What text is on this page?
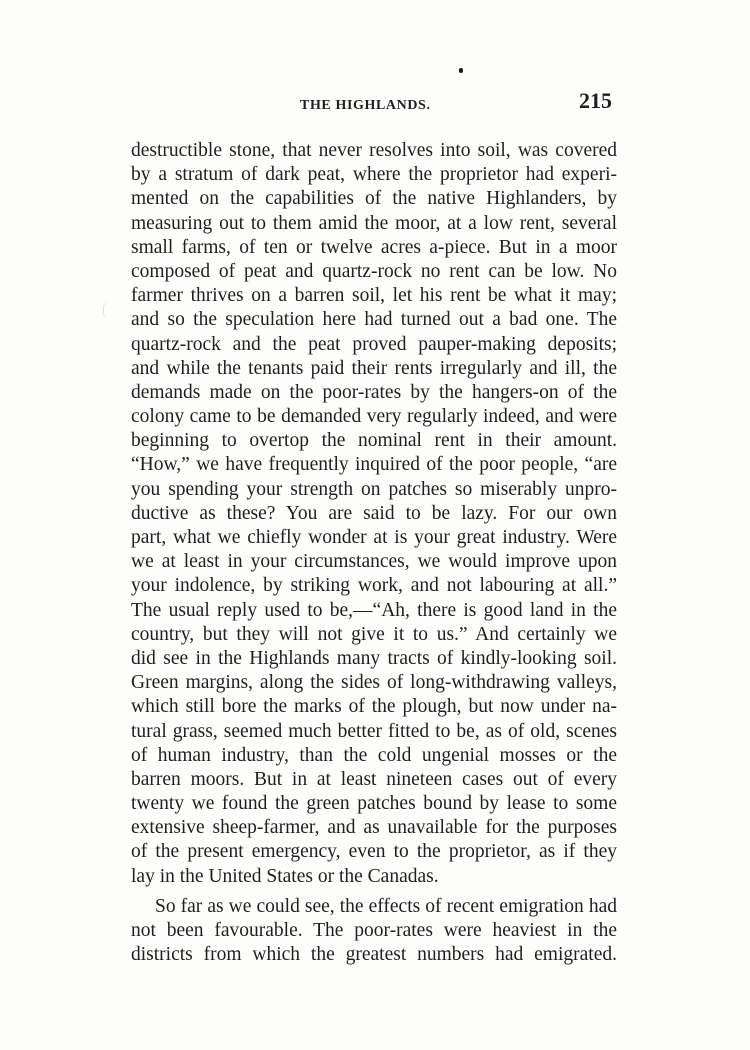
THE HIGHLANDS.	215
destructible stone, that never resolves into soil, was covered
by a stratum of dark peat, where the proprietor had experi-
mented on the capabilities of the native Highlanders, by
measuring out to them amid the moor, at a low rent, several
small farms, of ten or twelve acres a-piece. But in a moor
composed of peat and quartz-rock no rent can be low. No
farmer thrives on a barren soil, let his rent be what it may;
and so the speculation here had turned out a bad one. The
quartz-rock and the peat proved pauper-making deposits;
and while the tenants paid their rents irregularly and ill, the
demands made on the poor-rates by the hangers-on of the
colony came to be demanded very regularly indeed, and were
beginning to overtop the nominal rent in their amount.
“How,” we have frequently inquired of the poor people, “are
you spending your strength on patches so miserably unpro-
ductive as these? You are said to be lazy. For our own
part, what we chiefly wonder at is your great industry. Were
we at least in your circumstances, we would improve upon
your indolence, by striking work, and not labouring at all.”
The usual reply used to be,—“Ah, there is good land in the
country, but they will not give it to us.” And certainly we
did see in the Highlands many tracts of kindly-looking soil.
Green margins, along the sides of long-withdrawing valleys,
which still bore the marks of the plough, but now under na-
tural grass, seemed much better fitted to be, as of old, scenes
of human industry, than the cold ungenial mosses or the
barren moors. But in at least nineteen cases out of every
twenty we found the green patches bound by lease to some
extensive sheep-farmer, and as unavailable for the purposes
of the present emergency, even to the proprietor, as if they
lay in the United States or the Canadas.
So far as we could see, the effects of recent emigration had
not been favourable. The poor-rates were heaviest in the
districts from which the greatest numbers had emigrated.
